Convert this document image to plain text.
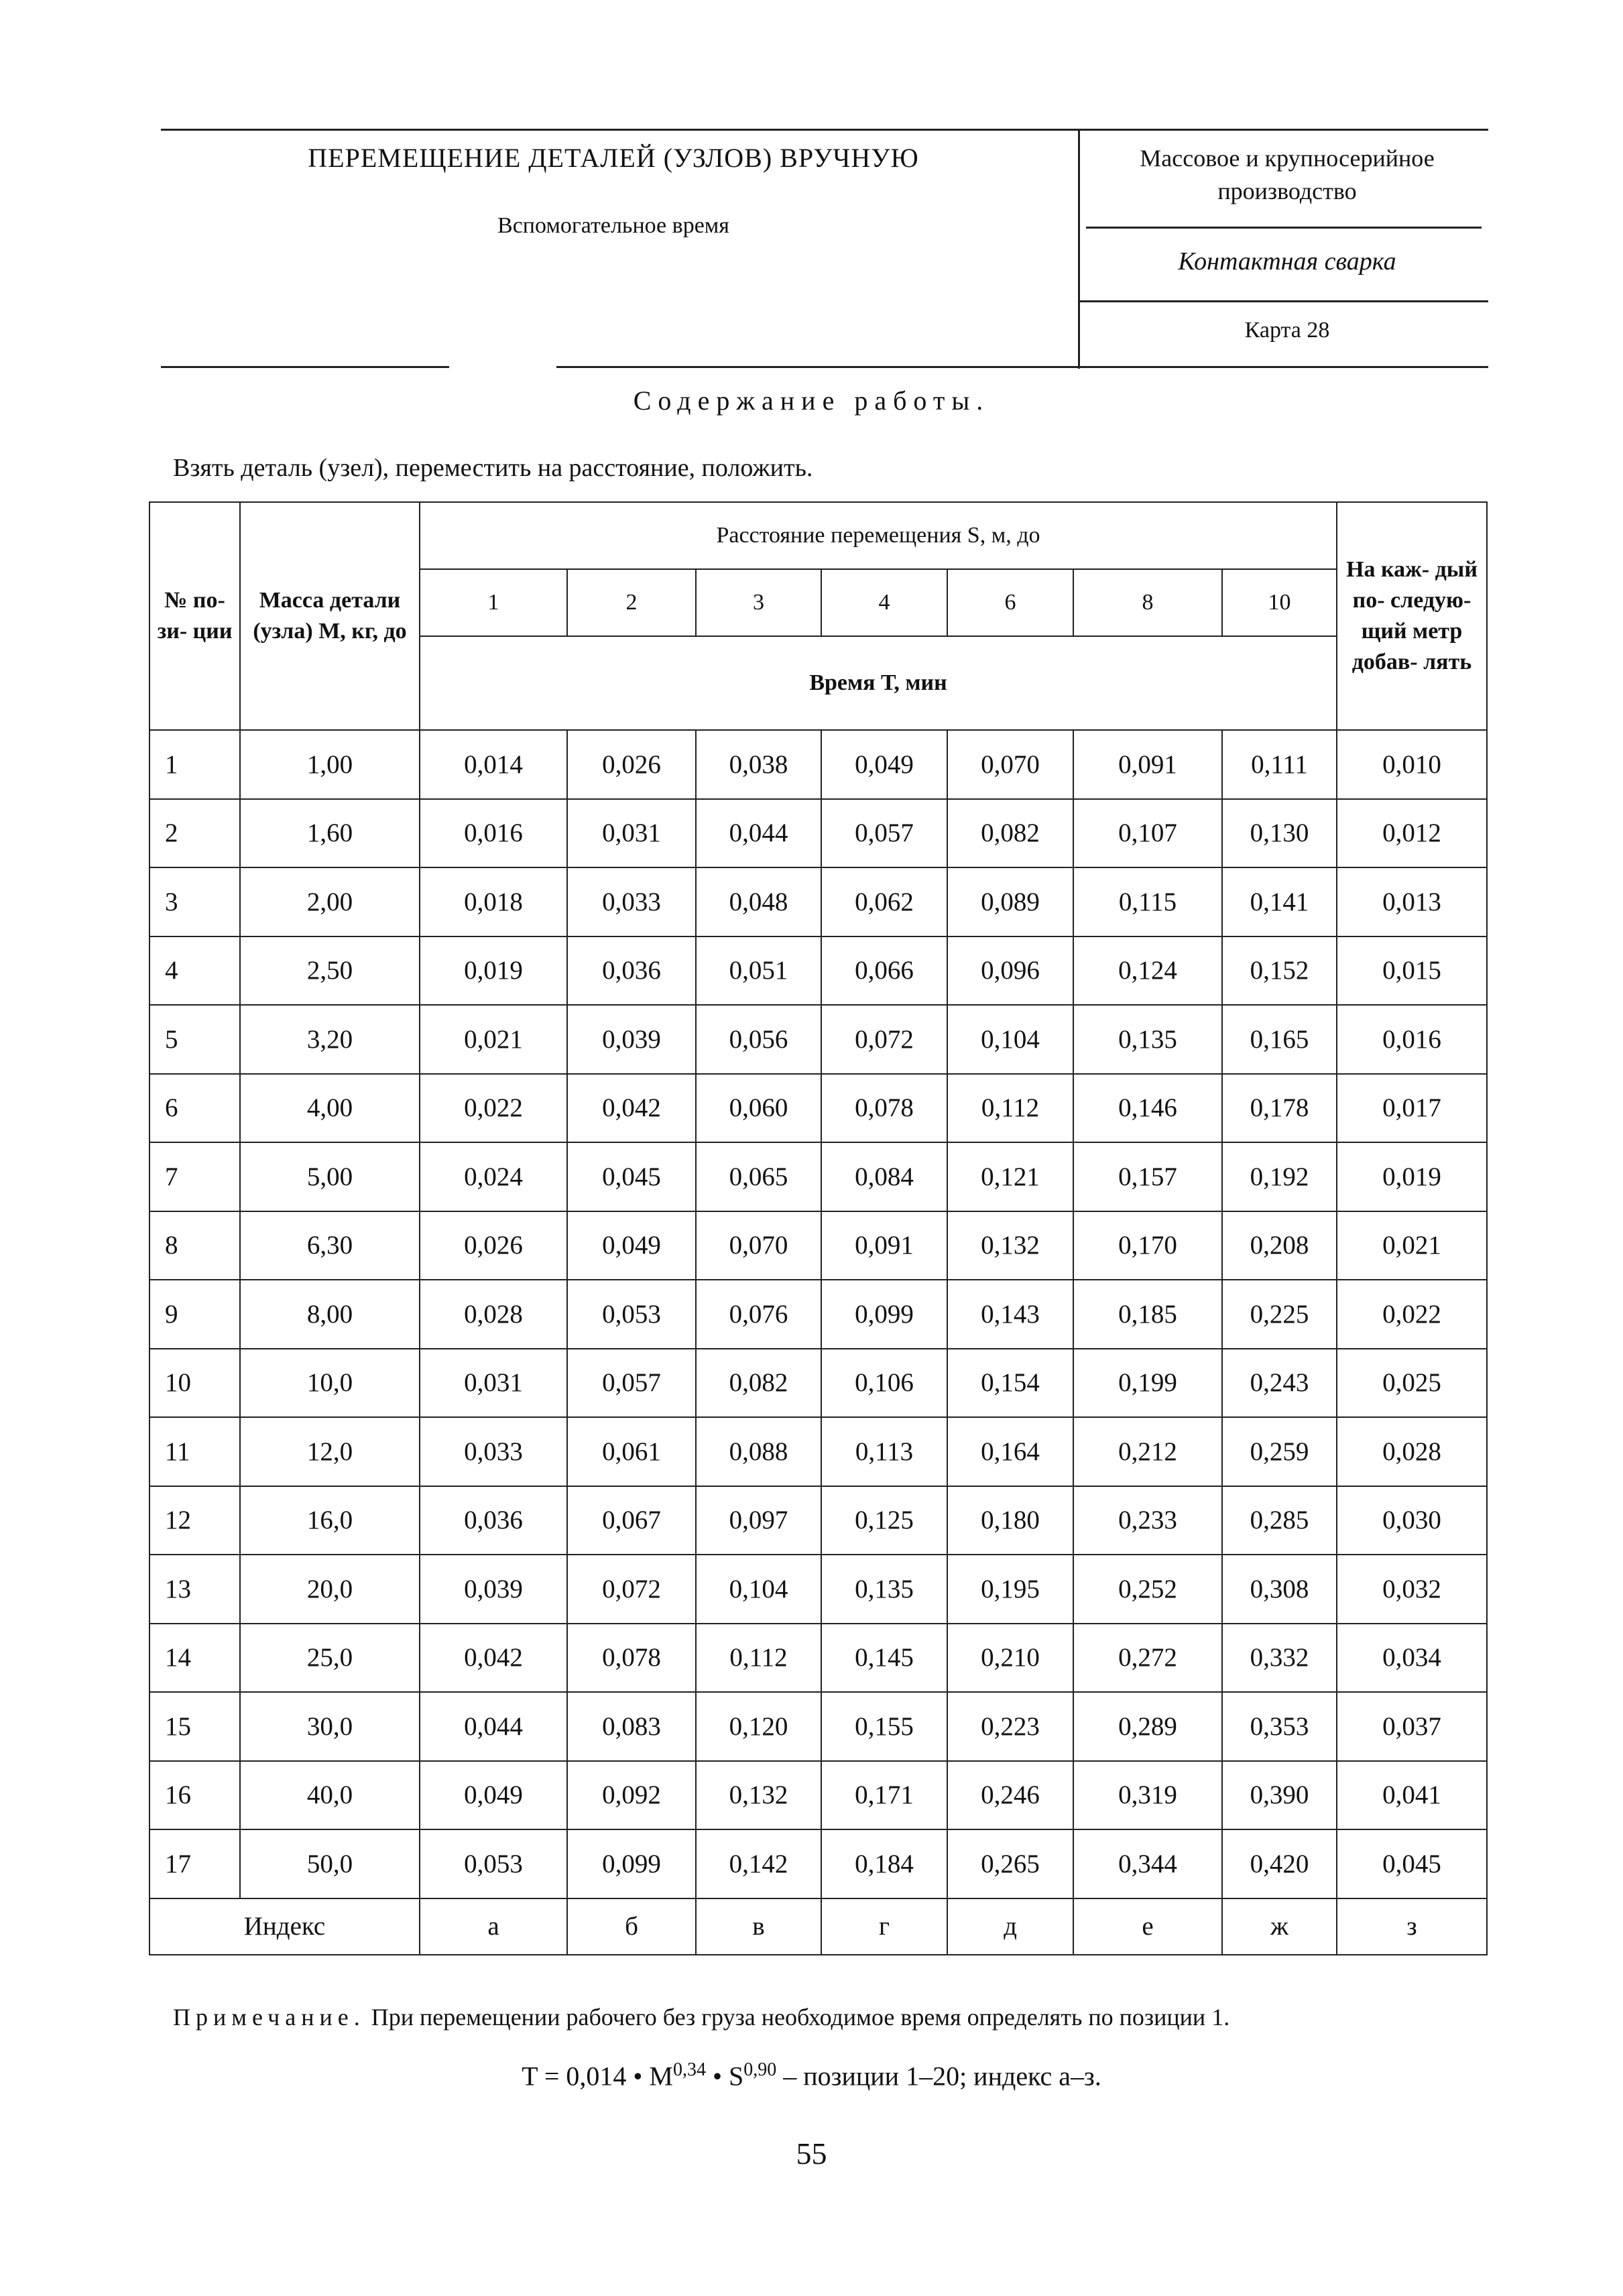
ПЕРЕМЕЩЕНИЕ ДЕТАЛЕЙ (УЗЛОВ) ВРУЧНУЮ
Вспомогательное время
Массовое и крупносерийное производство
Контактная сварка
Карта 28
Содержание работы.
Взять деталь (узел), переместить на расстояние, положить.
№ по- зи- ции	Масса детали (узла) М, кг, до	Расстояние перемещения S, м, до							На каж- дый по- следую- щий метр добав- лять
		1	2	3	4	6	8	10	
		Время Т, мин							
1	1,00	0,014	0,026	0,038	0,049	0,070	0,091	0,111	0,010
2	1,60	0,016	0,031	0,044	0,057	0,082	0,107	0,130	0,012
3	2,00	0,018	0,033	0,048	0,062	0,089	0,115	0,141	0,013
4	2,50	0,019	0,036	0,051	0,066	0,096	0,124	0,152	0,015
5	3,20	0,021	0,039	0,056	0,072	0,104	0,135	0,165	0,016
6	4,00	0,022	0,042	0,060	0,078	0,112	0,146	0,178	0,017
7	5,00	0,024	0,045	0,065	0,084	0,121	0,157	0,192	0,019
8	6,30	0,026	0,049	0,070	0,091	0,132	0,170	0,208	0,021
9	8,00	0,028	0,053	0,076	0,099	0,143	0,185	0,225	0,022
10	10,0	0,031	0,057	0,082	0,106	0,154	0,199	0,243	0,025
11	12,0	0,033	0,061	0,088	0,113	0,164	0,212	0,259	0,028
12	16,0	0,036	0,067	0,097	0,125	0,180	0,233	0,285	0,030
13	20,0	0,039	0,072	0,104	0,135	0,195	0,252	0,308	0,032
14	25,0	0,042	0,078	0,112	0,145	0,210	0,272	0,332	0,034
15	30,0	0,044	0,083	0,120	0,155	0,223	0,289	0,353	0,037
16	40,0	0,049	0,092	0,132	0,171	0,246	0,319	0,390	0,041
17	50,0	0,053	0,099	0,142	0,184	0,265	0,344	0,420	0,045
Индекс		а	б	в	г	д	е	ж	з
Примечание. При перемещении рабочего без груза необходимое время определять по позиции 1.
T = 0,014 • M$^{0,34}$ • S$^{0,90}$ – позиции 1–20; индекс а–з.
55
